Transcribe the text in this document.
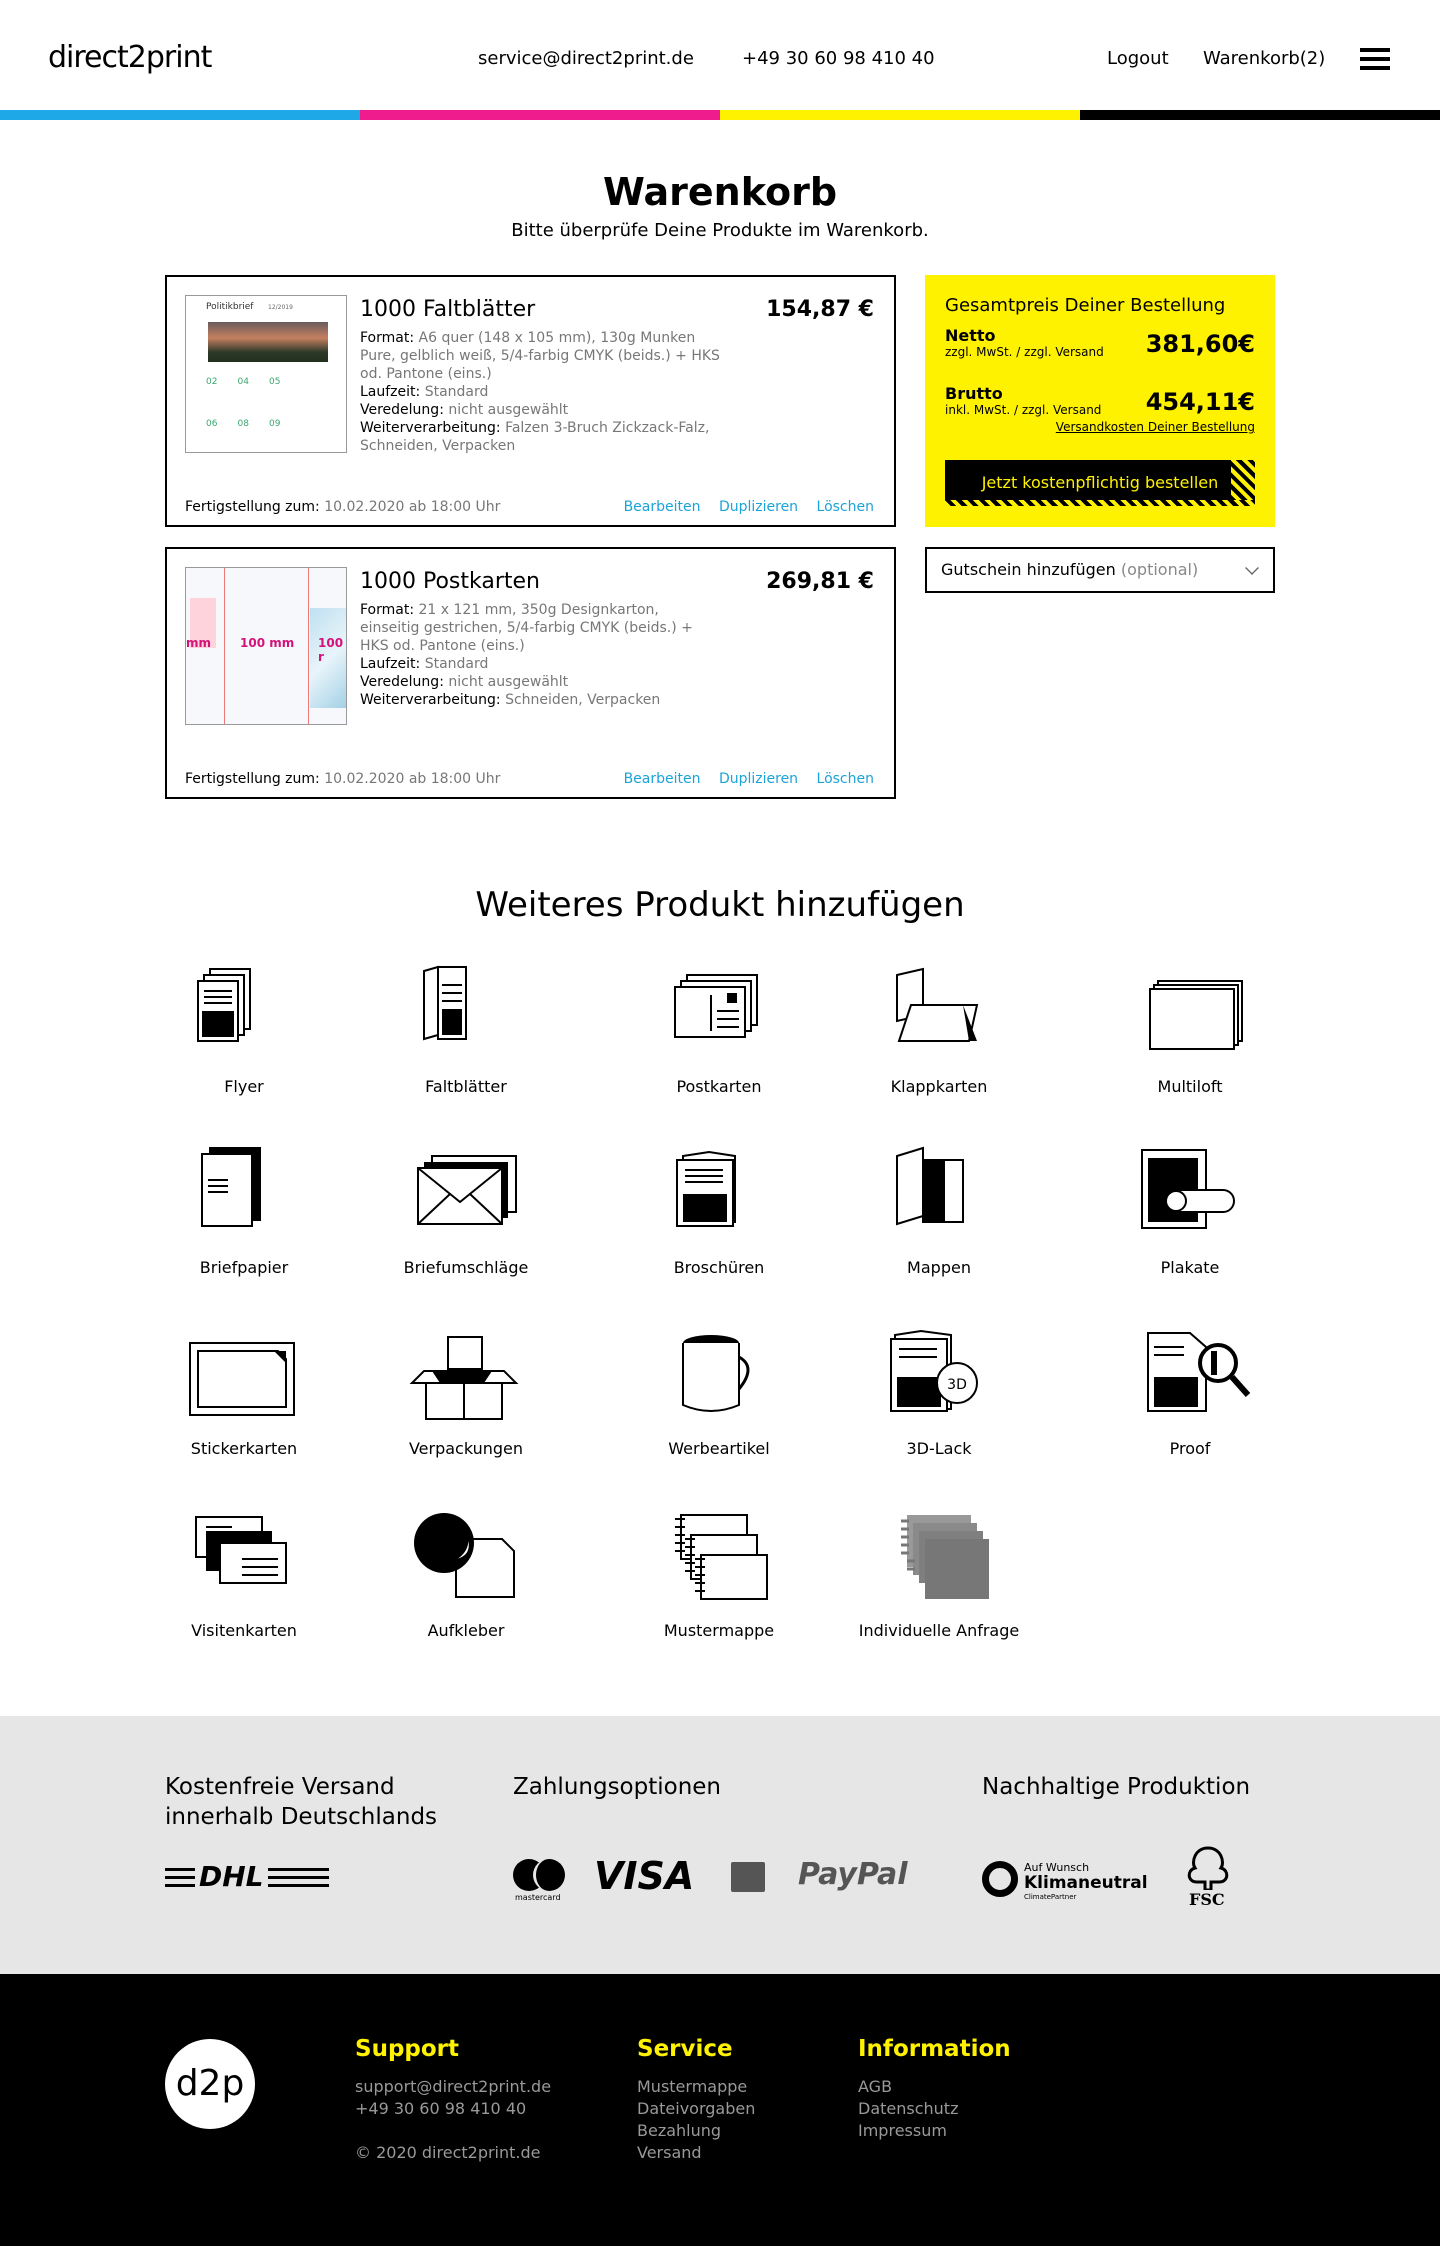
direct2print	service@direct2print.de	+49 30 60 98 410 40	Logout Warenkorb(2)
Warenkorb
Bitte überprüfe Deine Produkte im Warenkorb.
Politikbrief 12/2019
02 04 05
06 08 09
1000 Faltblätter	154,87 €
Format: A6 quer (148 x 105 mm), 130g Munken Pure, gelblich weiß, 5/4-farbig CMYK (beids.) + HKS od. Pantone (eins.)
Laufzeit: Standard
Veredelung: nicht ausgewählt
Weiterverarbeitung: Falzen 3-Bruch Zickzack-Falz, Schneiden, Verpacken
Fertigstellung zum: 10.02.2020 ab 18:00 Uhr	Bearbeiten Duplizieren Löschen
mm 100 mm 100 r
1000 Postkarten	269,81 €
Format: 21 x 121 mm, 350g Designkarton, einseitig gestrichen, 5/4-farbig CMYK (beids.) + HKS od. Pantone (eins.)
Laufzeit: Standard
Veredelung: nicht ausgewählt
Weiterverarbeitung: Schneiden, Verpacken
Fertigstellung zum: 10.02.2020 ab 18:00 Uhr	Bearbeiten Duplizieren Löschen
Gesamtpreis Deiner Bestellung
Netto
zzgl. MwSt. / zzgl. Versand	381,60€
Brutto
inkl. MwSt. / zzgl. Versand	454,11€
Versandkosten Deiner Bestellung
Jetzt kostenpflichtig bestellen
Gutschein hinzufügen (optional)
Weiteres Produkt hinzufügen
Flyer	Faltblätter	Postkarten	Klappkarten	Multiloft
Briefpapier	Briefumschläge	Broschüren	Mappen	Plakate
Stickerkarten	Verpackungen	Werbeartikel
3D
3D-Lack	Proof
Visitenkarten	Aufkleber	Mustermappe	Individuelle Anfrage
Kostenfreie Versand
innerhalb Deutschlands
DHL
Zahlungsoptionen
mastercard VISA	PayPal
Nachhaltige Produktion
Auf Wunsch
Klimaneutral
ClimatePartner	FSC
d2p
Support
support@direct2print.de
+49 30 60 98 410 40
© 2020 direct2print.de
Service
Mustermappe
Dateivorgaben
Bezahlung
Versand
Information
AGB
Datenschutz
Impressum
